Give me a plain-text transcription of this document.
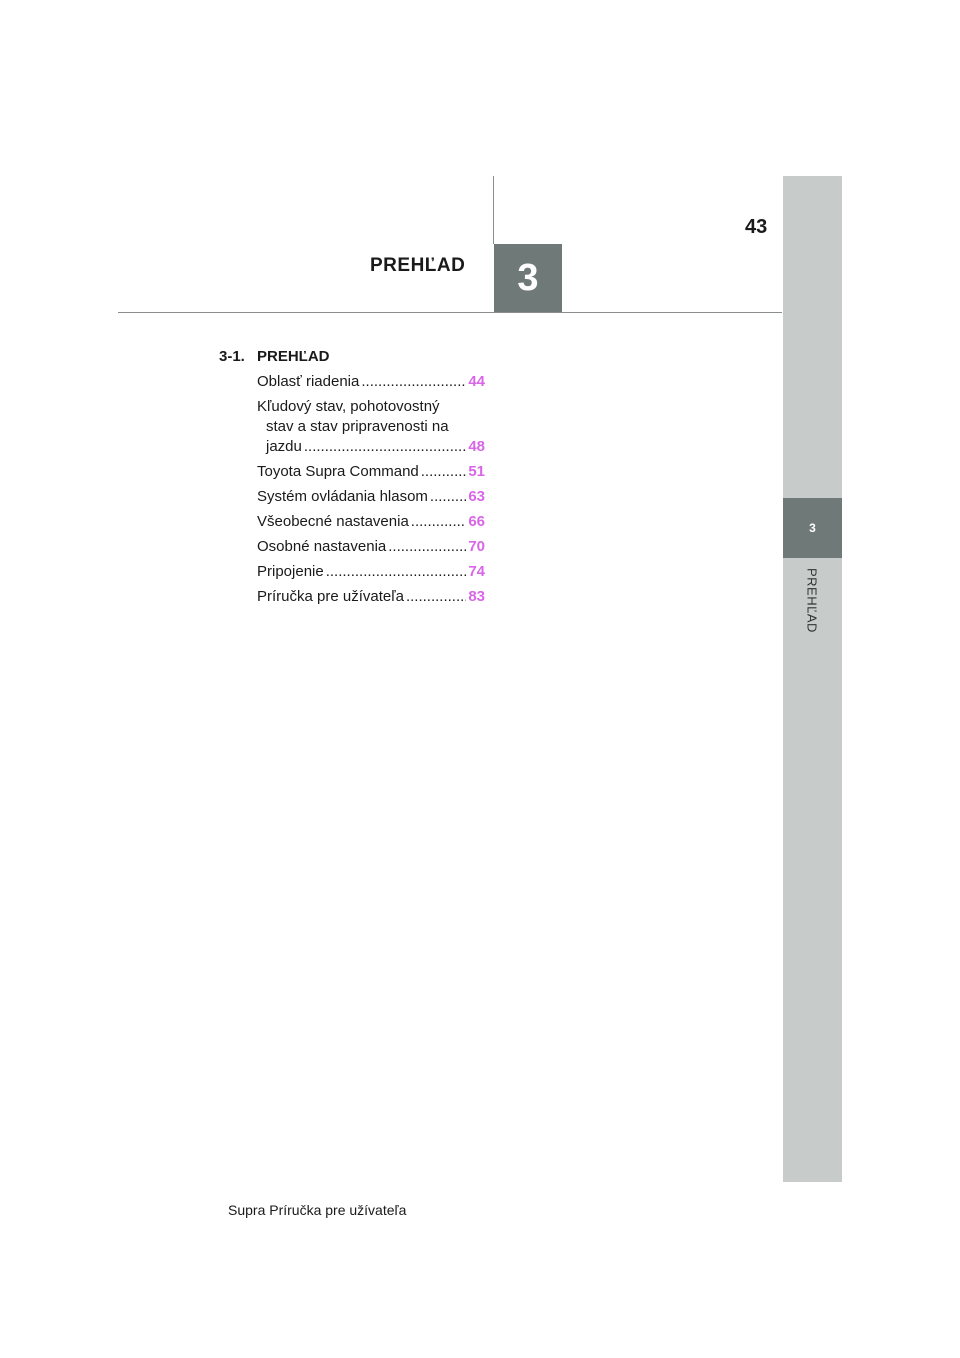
3
PREHĽAD
3
PREHĽAD
43
3-1. PREHĽAD
Oblasť riadenia .....	44
Kľudový stav, pohotovostný
stav a stav pripravenosti na
jazdu .....	48
Toyota Supra Command .....	51
Systém ovládania hlasom .....	63
Všeobecné nastavenia .....	66
Osobné nastavenia .....	70
Pripojenie .....	74
Príručka pre užívateľa .....	83
Supra Príručka pre užívateľa
